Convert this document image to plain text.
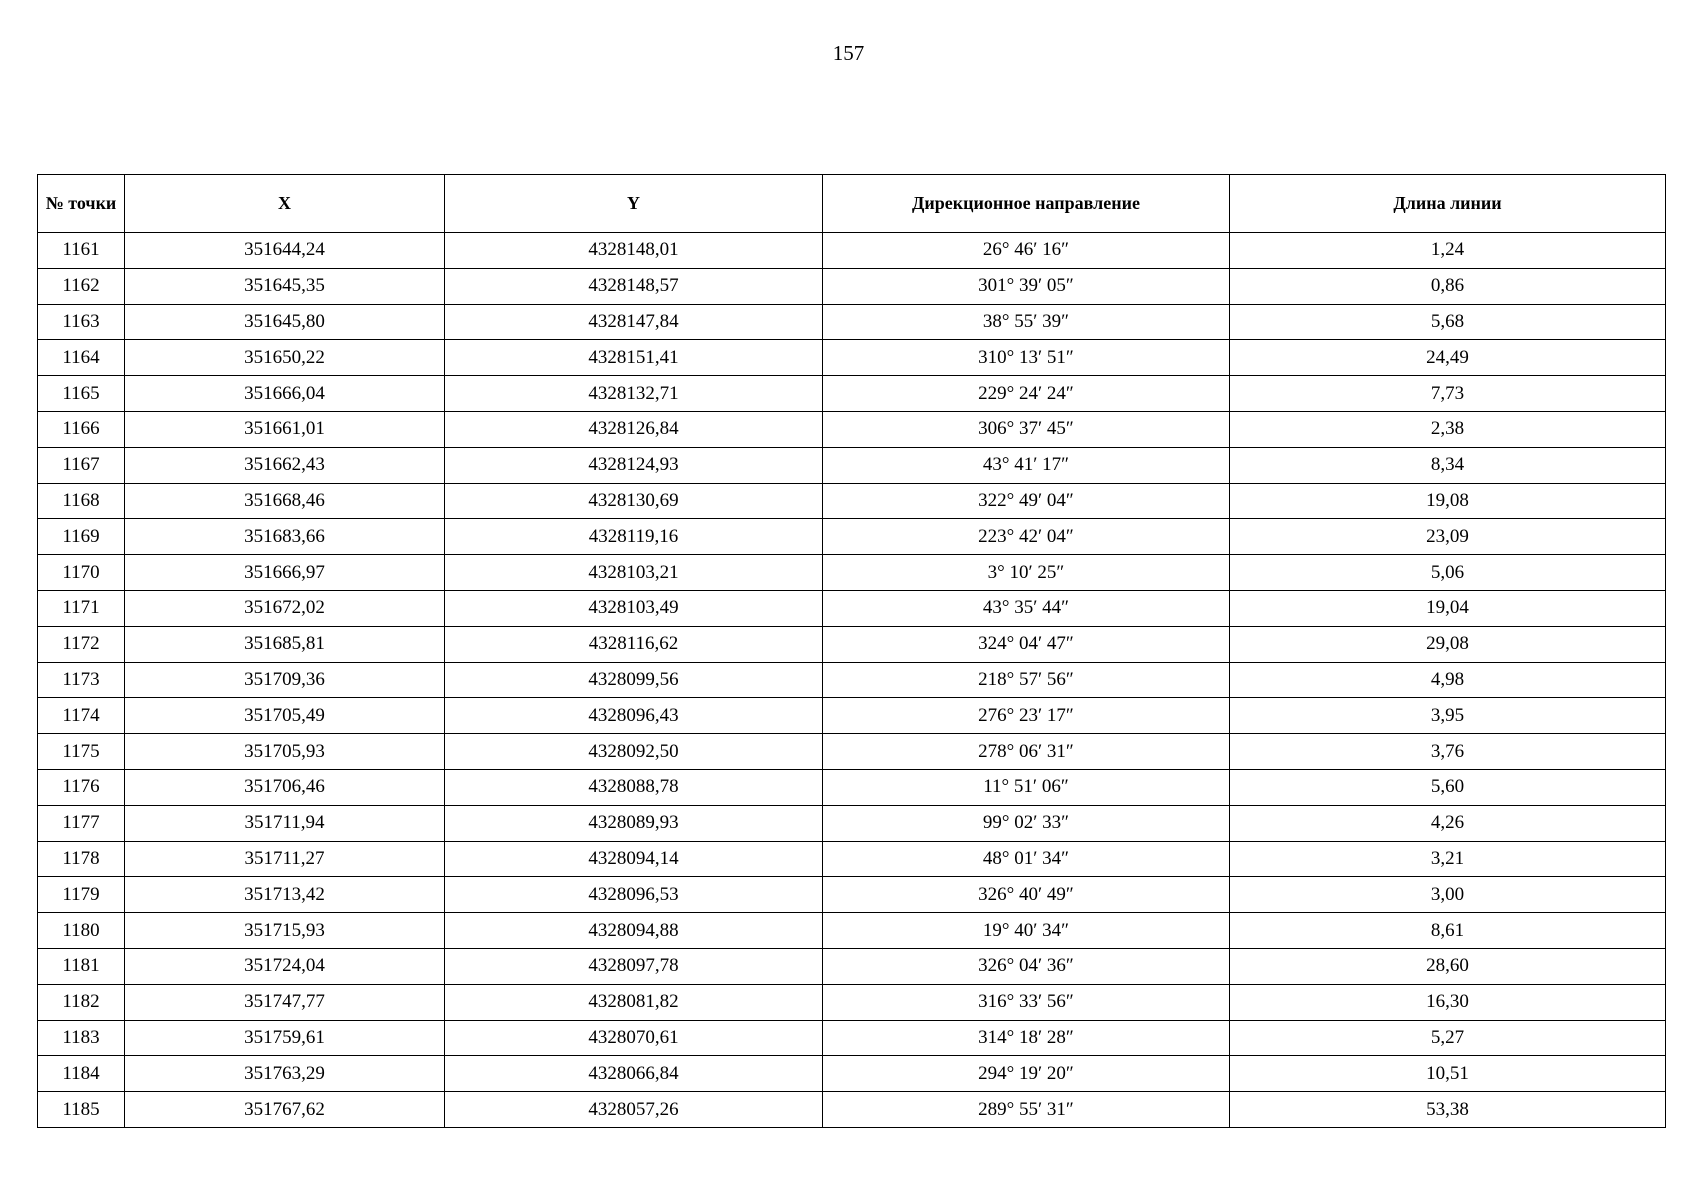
157
№ точки	X	Y	Дирекционное направление	Длина линии
1161	351644,24	4328148,01	26° 46′ 16″	1,24
1162	351645,35	4328148,57	301° 39′ 05″	0,86
1163	351645,80	4328147,84	38° 55′ 39″	5,68
1164	351650,22	4328151,41	310° 13′ 51″	24,49
1165	351666,04	4328132,71	229° 24′ 24″	7,73
1166	351661,01	4328126,84	306° 37′ 45″	2,38
1167	351662,43	4328124,93	43° 41′ 17″	8,34
1168	351668,46	4328130,69	322° 49′ 04″	19,08
1169	351683,66	4328119,16	223° 42′ 04″	23,09
1170	351666,97	4328103,21	3° 10′ 25″	5,06
1171	351672,02	4328103,49	43° 35′ 44″	19,04
1172	351685,81	4328116,62	324° 04′ 47″	29,08
1173	351709,36	4328099,56	218° 57′ 56″	4,98
1174	351705,49	4328096,43	276° 23′ 17″	3,95
1175	351705,93	4328092,50	278° 06′ 31″	3,76
1176	351706,46	4328088,78	11° 51′ 06″	5,60
1177	351711,94	4328089,93	99° 02′ 33″	4,26
1178	351711,27	4328094,14	48° 01′ 34″	3,21
1179	351713,42	4328096,53	326° 40′ 49″	3,00
1180	351715,93	4328094,88	19° 40′ 34″	8,61
1181	351724,04	4328097,78	326° 04′ 36″	28,60
1182	351747,77	4328081,82	316° 33′ 56″	16,30
1183	351759,61	4328070,61	314° 18′ 28″	5,27
1184	351763,29	4328066,84	294° 19′ 20″	10,51
1185	351767,62	4328057,26	289° 55′ 31″	53,38
